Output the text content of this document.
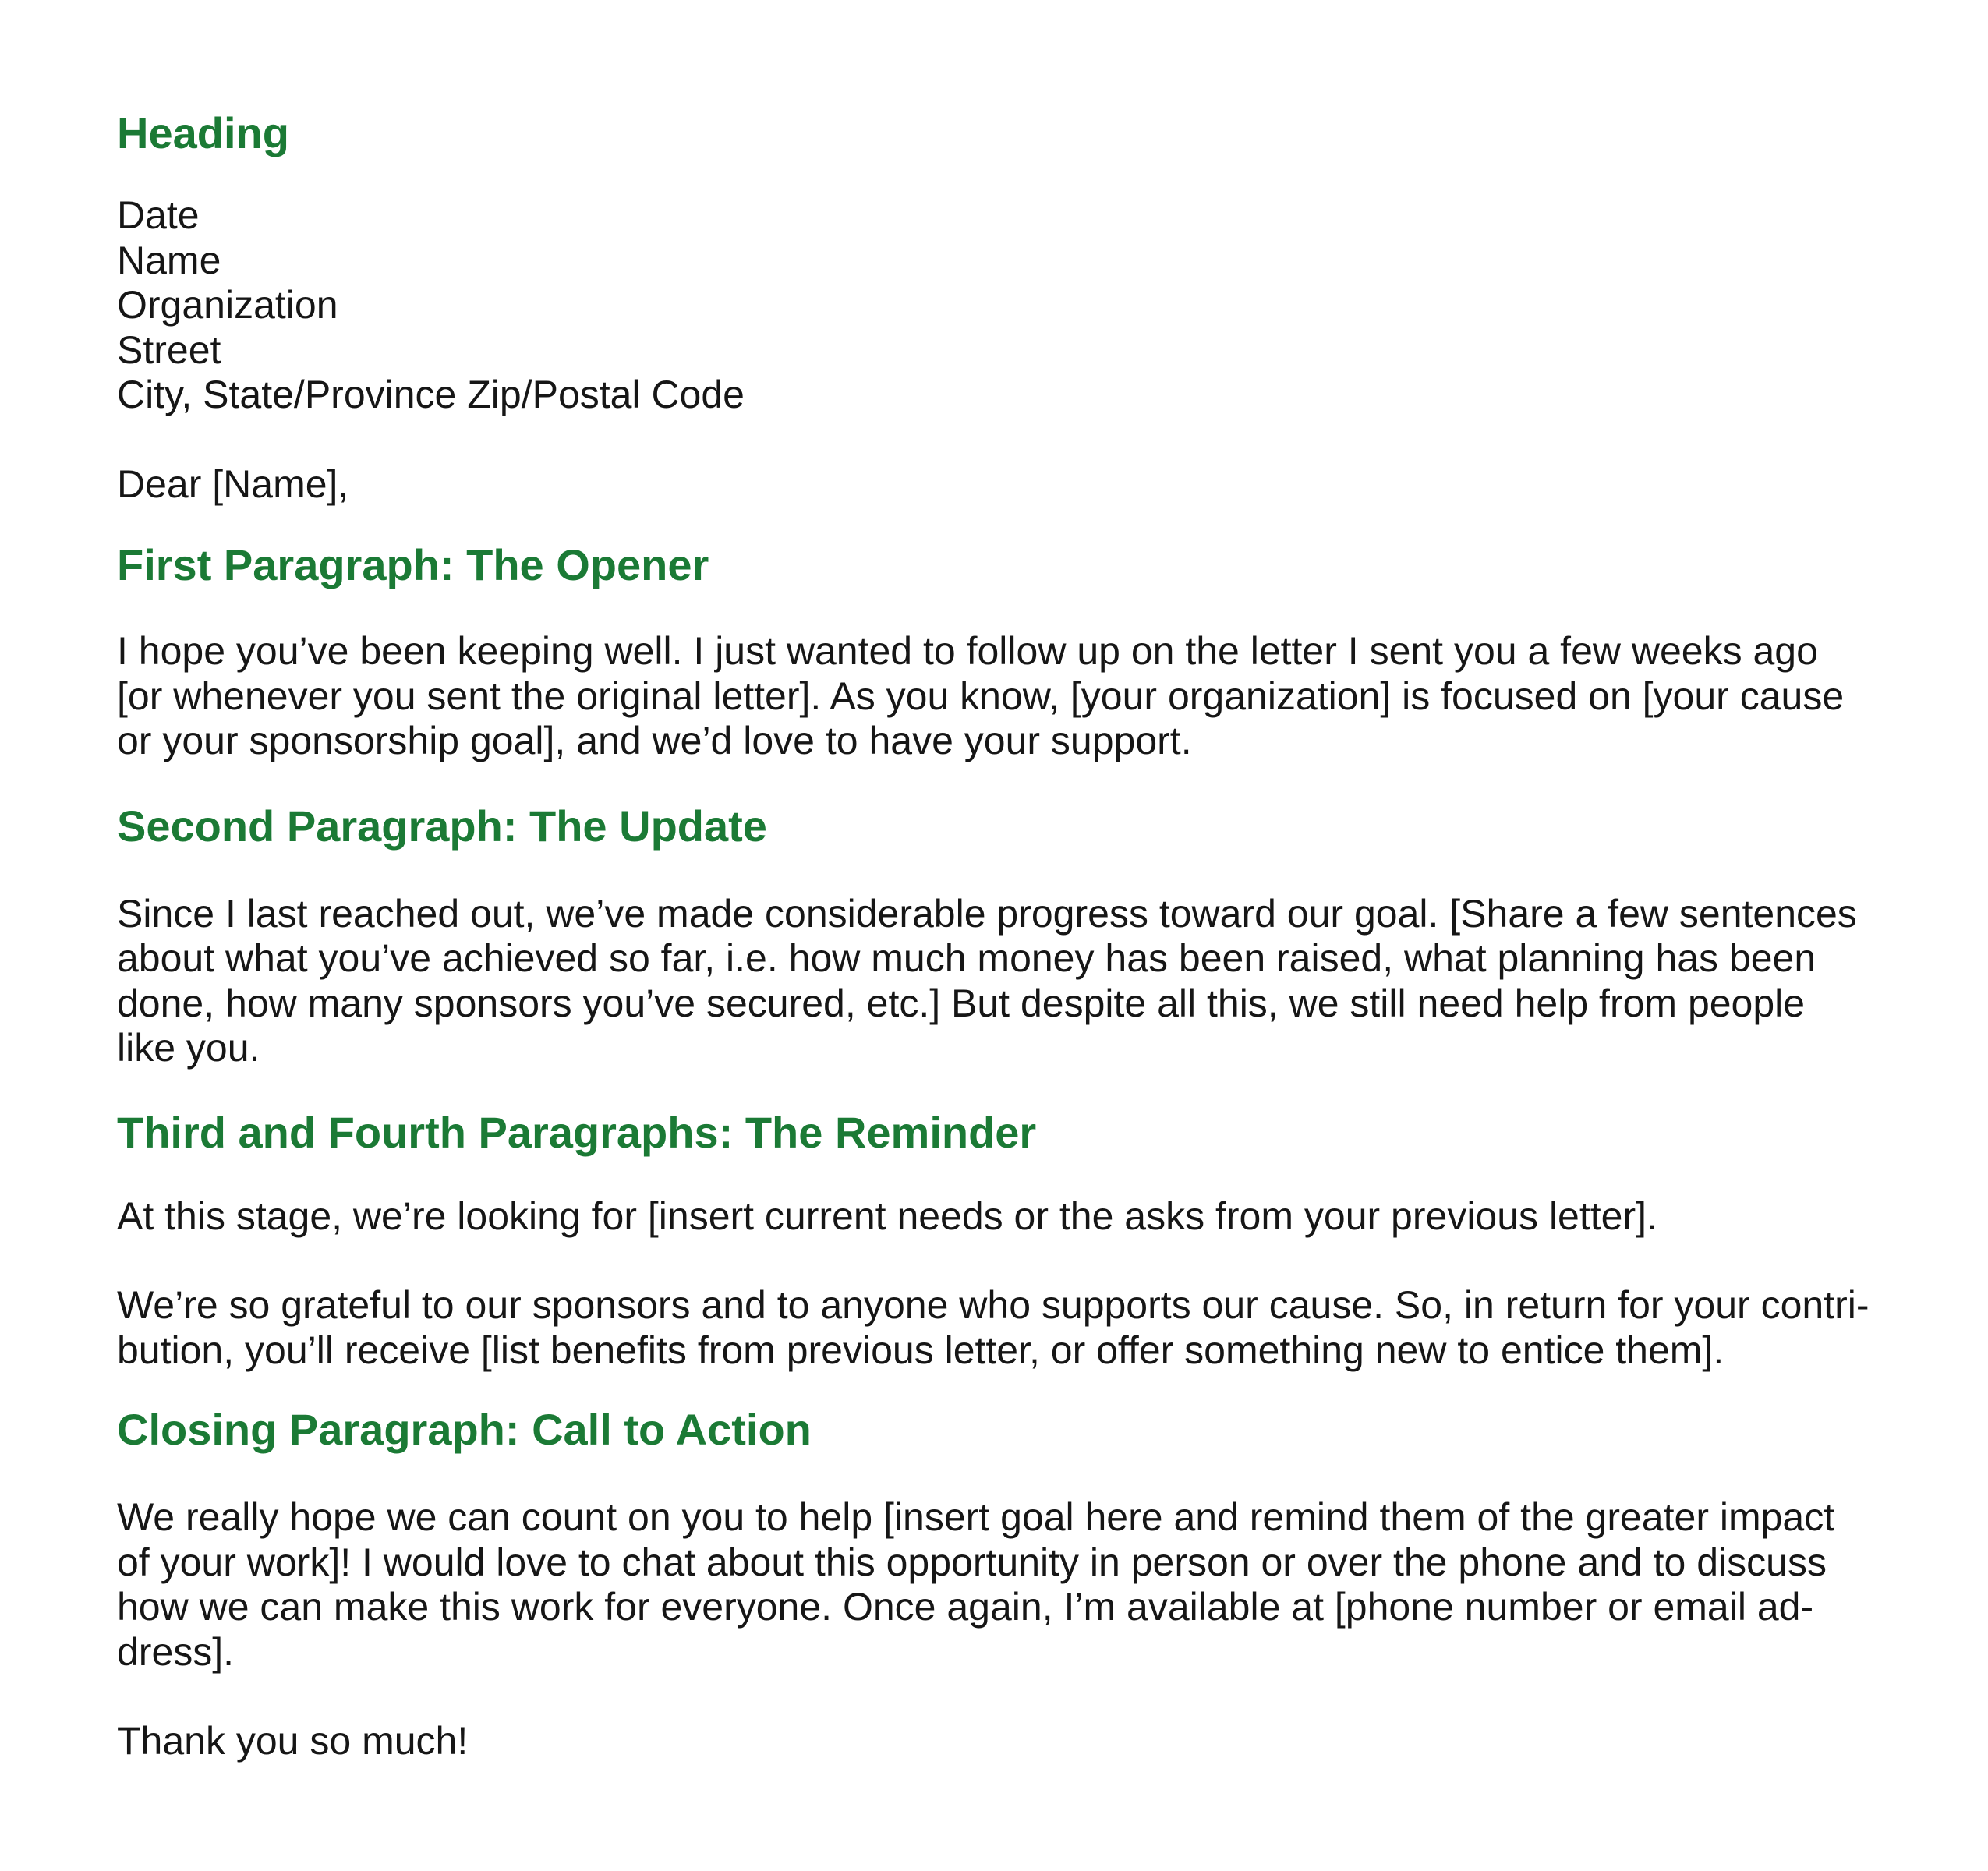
Heading
Date
Name
Organization
Street
City, State/Province Zip/Postal Code
Dear [Name],
First Paragraph: The Opener
I hope you’ve been keeping well. I just wanted to follow up on the letter I sent you a few weeks ago
[or whenever you sent the original letter]. As you know, [your organization] is focused on [your cause
or your sponsorship goal], and we’d love to have your support.
Second Paragraph: The Update
Since I last reached out, we’ve made considerable progress toward our goal. [Share a few sentences
about what you’ve achieved so far, i.e. how much money has been raised, what planning has been
done, how many sponsors you’ve secured, etc.] But despite all this, we still need help from people
like you.
Third and Fourth Paragraphs: The Reminder
At this stage, we’re looking for [insert current needs or the asks from your previous letter].
We’re so grateful to our sponsors and to anyone who supports our cause. So, in return for your contri-
bution, you’ll receive [list benefits from previous letter, or offer something new to entice them].
Closing Paragraph: Call to Action
We really hope we can count on you to help [insert goal here and remind them of the greater impact
of your work]! I would love to chat about this opportunity in person or over the phone and to discuss
how we can make this work for everyone. Once again, I’m available at [phone number or email ad-
dress].
Thank you so much!
